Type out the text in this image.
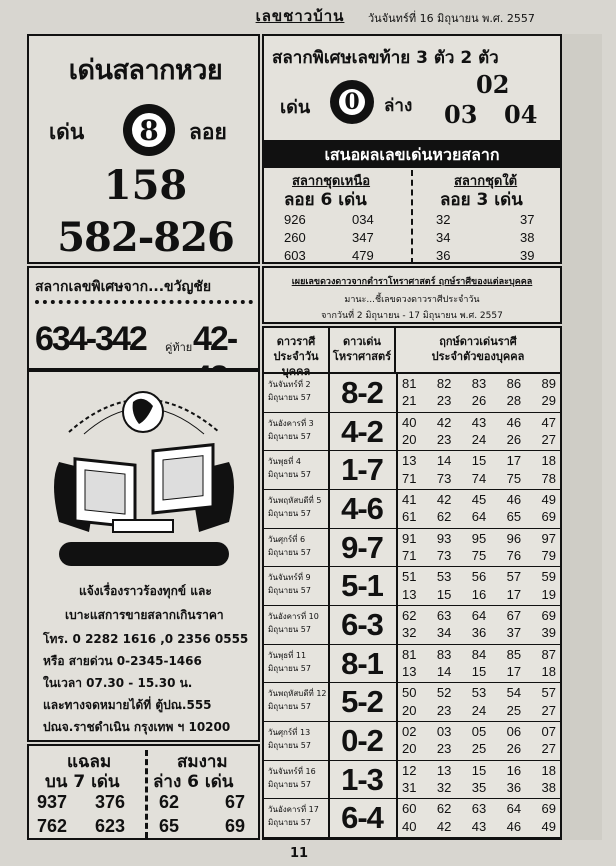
เลขชาวบ้าน	วันจันทร์ที่ 16 มิถุนายน พ.ศ. 2557
เด่นสลากหวย
เด่น 8	ลอย
158
582-826
สลากเลขพิเศษจาก...ขวัญชัย
634-342 คู่ท้าย 42-
แจ้งเรื่องราวร้องทุกข์ และ
เบาะแสการขายสลากเกินราคา
โทร. 0 2282 1616 ,0 2356 0555
หรือ สายด่วน 0-2345-1466
ในเวลา 07.30 - 15.30 น.
และทางจดหมายได้ที่ ตู้ปณ.555
ปณจ.ราชดำเนิน กรุงเทพ ฯ 10200
แฉลม
บน 7 เด่น
สมงาม
ล่าง 6 เด่น
937 376
762 623
62	67
65	69
สลากพิเศษเลขท้าย 3 ตัว 2 ตัว
เด่น 0	ล่าง
02
03 04
เสนอผลเลขเด่นหวยสลาก
สลากชุดเหนือ
ลอย 6 เด่น
สลากชุดใต้
ลอย 3 เด่น
926	034
260	347
603	479
32	37
34	38
36	39
เผยเลขดวงดาวจากตำราโหราศาสตร์ ฤกษ์ราศีของแต่ละบุคคล
มานะ...ชี้เลขดวงดาวราศีประจำวัน
จากวันที่ 2 มิถุนายน - 17 มิถุนายน พ.ศ. 2557
ดาวราศี
ประจำวันบุคคล
ดาวเด่น
โหราศาสตร์
ฤกษ์ดาวเด่นราศี
ประจำตัวของบุคคล
วันจันทร์ที่ 2
มิถุนายน 57 8-2	81 82 83 86 89
21 23 26 28 29
วันอังคารที่ 3
มิถุนายน 57 4-2	40 42 43 46 47
20 23 24 26 27
วันพุธที่ 4
มิถุนายน 57 1-7	13 14 15 17 18
71 73 74 75 78
วันพฤหัสบดีที่ 5
มิถุนายน 57 4-6	41 42 45 46 49
61 62 64 65 69
วันศุกร์ที่ 6
มิถุนายน 57 9-7	91 93 95 96 97
71 73 75 76 79
วันจันทร์ที่ 9
มิถุนายน 57 5-1	51 53 56 57 59
13 15 16 17 19
วันอังคารที่ 10
มิถุนายน 57 6-3	62 63 64 67 69
32 34 36 37 39
วันพุธที่ 11
มิถุนายน 57 8-1	81 83 84 85 87
13 14 15 17 18
วันพฤหัสบดีที่ 12
มิถุนายน 57 5-2	50 52 53 54 57
20 23 24 25 27
วันศุกร์ที่ 13
มิถุนายน 57 0-2	02 03 05 06 07
20 23 25 26 27
วันจันทร์ที่ 16
มิถุนายน 57 1-3	12 13 15 16 18
31 32 35 36 38
วันอังคารที่ 17
มิถุนายน 57 6-4	60 62 63 64 69
40 42 43 46 49
11
